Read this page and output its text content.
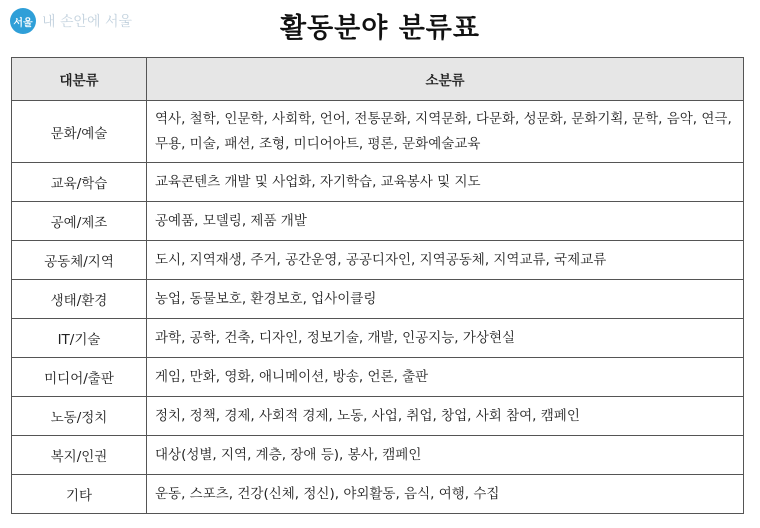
서울 내 손안에 서울	활동분야 분류표
대분류	소분류
문화/예술	역사, 철학, 인문학, 사회학, 언어, 전통문화, 지역문화, 다문화, 성문화, 문화기획, 문학, 음악, 연극, 무용, 미술, 패션, 조형, 미디어아트, 평론, 문화예술교육
교육/학습	교육콘텐츠 개발 및 사업화, 자기학습, 교육봉사 및 지도
공예/제조	공예품, 모델링, 제품 개발
공동체/지역	도시, 지역재생, 주거, 공간운영, 공공디자인, 지역공동체, 지역교류, 국제교류
생태/환경	농업, 동물보호, 환경보호, 업사이클링
IT/기술	과학, 공학, 건축, 디자인, 정보기술, 개발, 인공지능, 가상현실
미디어/출판	게임, 만화, 영화, 애니메이션, 방송, 언론, 출판
노동/정치	정치, 정책, 경제, 사회적 경제, 노동, 사업, 취업, 창업, 사회 참여, 캠페인
복지/인권	대상(성별, 지역, 계층, 장애 등), 봉사, 캠페인
기타	운동, 스포츠, 건강(신체, 정신), 야외활동, 음식, 여행, 수집
